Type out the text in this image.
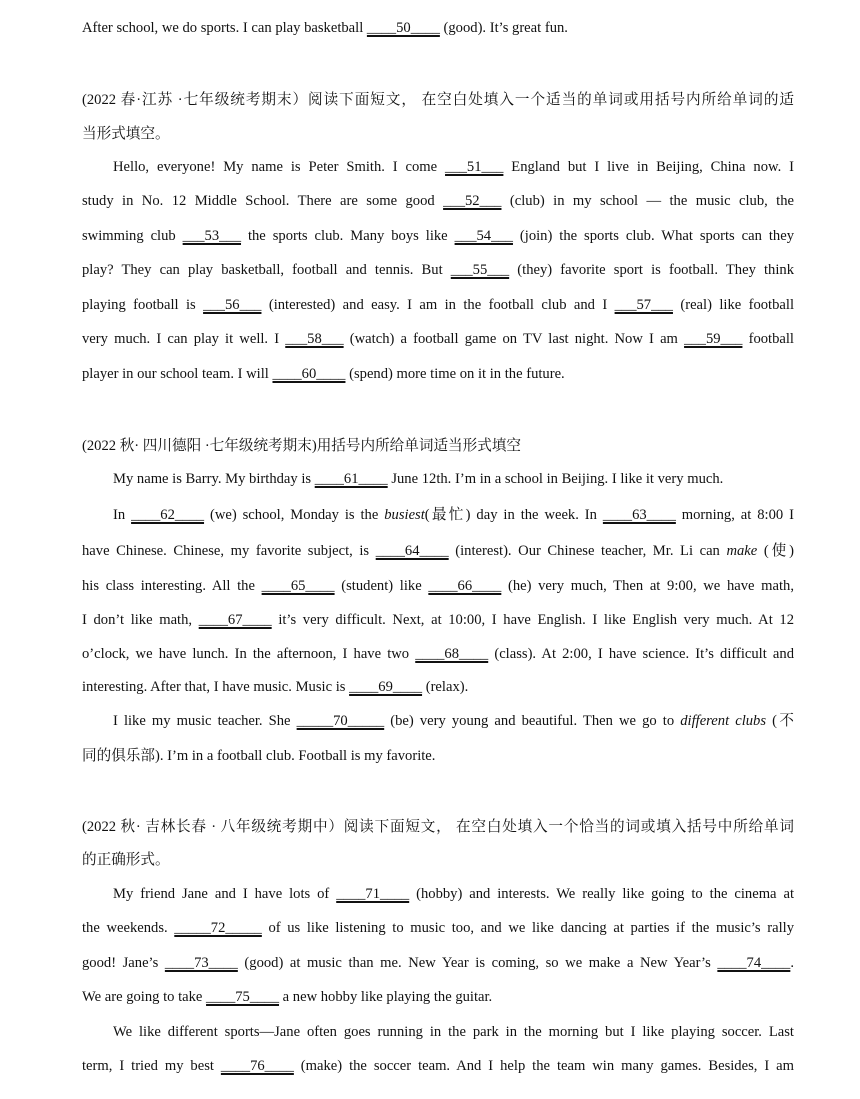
After school, we do sports. I can play basketball ____50____ (good). It’s great fun.
(2022 春·江苏 ·七年级统考期末）阅读下面短文， 在空白处填入一个适当的单词或用括号内所给单词的适
当形式填空。
Hello, everyone! My name is Peter Smith. I come ___51___ England but I live in Beijing, China now. I
study in No. 12 Middle School. There are some good ___52___ (club) in my school — the music club, the
swimming club ___53___ the sports club. Many boys like ___54___ (join) the sports club. What sports can they
play? They can play basketball, football and tennis. But ___55___ (they) favorite sport is football. They think
playing football is ___56___ (interested) and easy. I am in the football club and I ___57___ (real) like football
very much. I can play it well. I ___58___ (watch) a football game on TV last night. Now I am ___59___ football
player in our school team. I will ____60____ (spend) more time on it in the future.
(2022 秋· 四川德阳 ·七年级统考期末)用括号内所给单词适当形式填空
My name is Barry. My birthday is ____61____ June 12th. I’m in a school in Beijing. I like it very much.
In ____62____ (we) school, Monday is the busiest(最忙) day in the week. In ____63____ morning, at 8:00 I
have Chinese. Chinese, my favorite subject, is ____64____ (interest). Our Chinese teacher, Mr. Li can make (使)
his class interesting. All the ____65____ (student) like ____66____ (he) very much, Then at 9:00, we have math,
I don’t like math, ____67____ it’s very difficult. Next, at 10:00, I have English. I like English very much. At 12
o’clock, we have lunch. In the afternoon, I have two ____68____ (class). At 2:00, I have science. It’s difficult and
interesting. After that, I have music. Music is ____69____ (relax).
I like my music teacher. She _____70_____ (be) very young and beautiful. Then we go to different clubs (不
同的俱乐部). I’m in a football club. Football is my favorite.
(2022 秋· 吉林长春 · 八年级统考期中）阅读下面短文， 在空白处填入一个恰当的词或填入括号中所给单词
的正确形式。
My friend Jane and I have lots of ____71____ (hobby) and interests. We really like going to the cinema at
the weekends. _____72_____ of us like listening to music too, and we like dancing at parties if the music’s rally
good! Jane’s ____73____ (good) at music than me. New Year is coming, so we make a New Year’s ____74____.
We are going to take ____75____ a new hobby like playing the guitar.
We like different sports—Jane often goes running in the park in the morning but I like playing soccer. Last
term, I tried my best ____76____ (make) the soccer team. And I help the team win many games. Besides, I am
